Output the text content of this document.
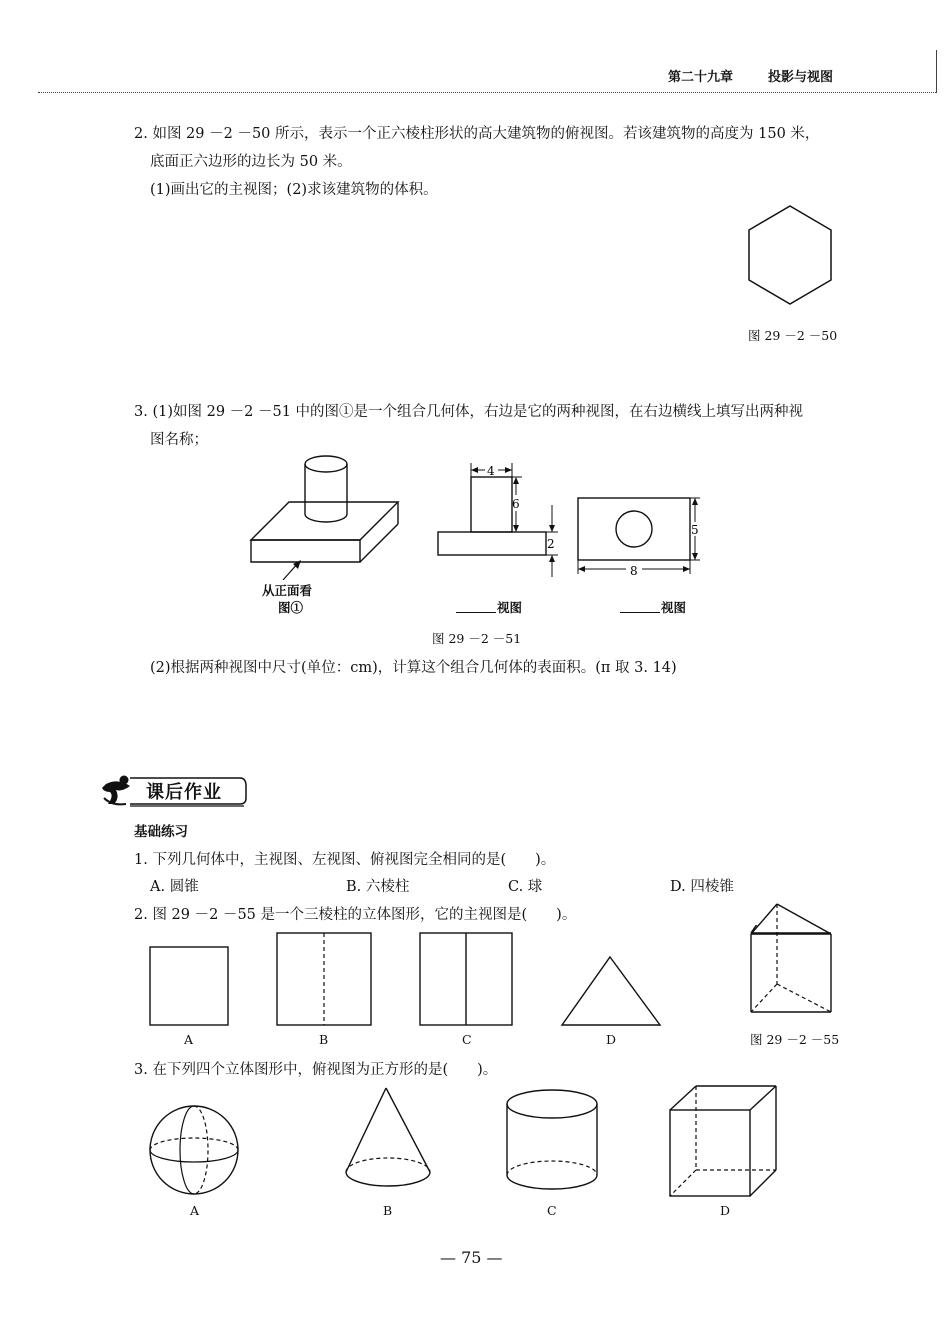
第二十九章	投影与视图
2. 如图 29 －2 －50 所示，表示一个正六棱柱形状的高大建筑物的俯视图。若该建筑物的高度为 150 米，
底面正六边形的边长为 50 米。
(1)画出它的主视图；(2)求该建筑物的体积。
图 29 －2 －50
3. (1)如图 29 －2 －51 中的图①是一个组合几何体，右边是它的两种视图，在右边横线上填写出两种视
图名称；
从正面看
图①
4
6
2
5
8
视图	视图
图 29 －2 －51
(2)根据两种视图中尺寸(单位：cm)，计算这个组合几何体的表面积。(π 取 3. 14)
课后作业
基础练习
1. 下列几何体中，主视图、左视图、俯视图完全相同的是(　　)。
A. 圆锥	B. 六棱柱	C. 球	D. 四棱锥
2. 图 29 －2 －55 是一个三棱柱的立体图形，它的主视图是(　　)。
A	B	C	D	图 29 －2 －55
3. 在下列四个立体图形中，俯视图为正方形的是(　　)。
A	B	C	D
— 75 —
